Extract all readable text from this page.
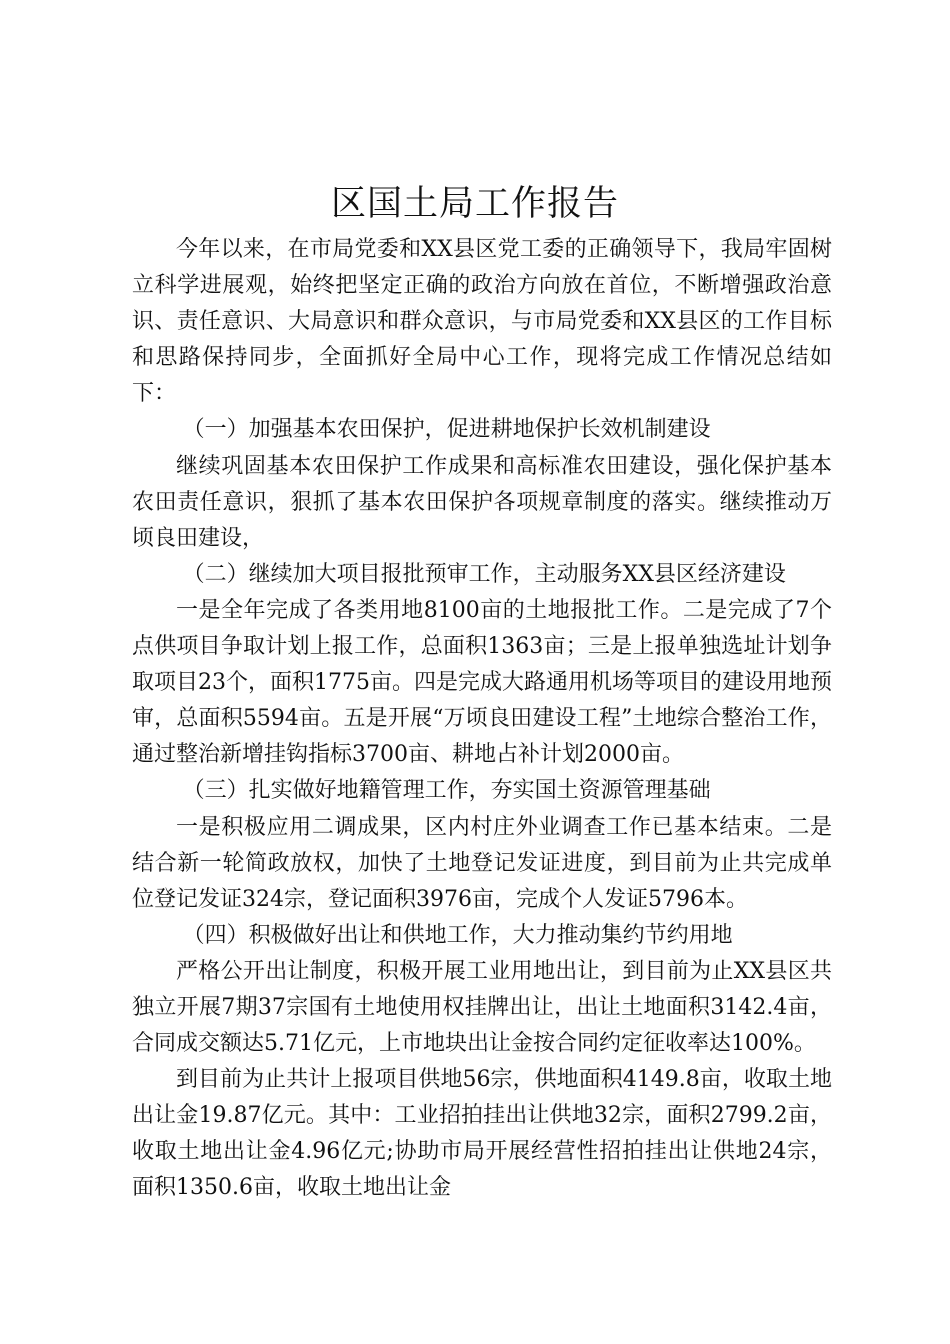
区国土局工作报告

今年以来，在市局党委和XX县区党工委的正确领导下，我局牢固树立科学进展观，始终把坚定正确的政治方向放在首位，不断增强政治意识、责任意识、大局意识和群众意识，与市局党委和XX县区的工作目标和思路保持同步，全面抓好全局中心工作，现将完成工作情况总结如下：

（一）加强基本农田保护，促进耕地保护长效机制建设

继续巩固基本农田保护工作成果和高标准农田建设，强化保护基本农田责任意识，狠抓了基本农田保护各项规章制度的落实。继续推动万顷良田建设，

（二）继续加大项目报批预审工作，主动服务XX县区经济建设

一是全年完成了各类用地8100亩的土地报批工作。二是完成了7个点供项目争取计划上报工作，总面积1363亩；三是上报单独选址计划争取项目23个，面积1775亩。四是完成大路通用机场等项目的建设用地预审，总面积5594亩。五是开展“万顷良田建设工程”土地综合整治工作，通过整治新增挂钩指标3700亩、耕地占补计划2000亩。

（三）扎实做好地籍管理工作，夯实国土资源管理基础

一是积极应用二调成果，区内村庄外业调查工作已基本结束。二是结合新一轮简政放权，加快了土地登记发证进度，到目前为止共完成单位登记发证324宗，登记面积3976亩，完成个人发证5796本。

（四）积极做好出让和供地工作，大力推动集约节约用地

严格公开出让制度，积极开展工业用地出让，到目前为止XX县区共独立开展7期37宗国有土地使用权挂牌出让，出让土地面积3142.4亩，合同成交额达5.71亿元，上市地块出让金按合同约定征收率达100%。

到目前为止共计上报项目供地56宗，供地面积4149.8亩，收取土地出让金19.87亿元。其中：工业招拍挂出让供地32宗，面积2799.2亩，收取土地出让金4.96亿元;协助市局开展经营性招拍挂出让供地24宗，面积1350.6亩，收取土地出让金
